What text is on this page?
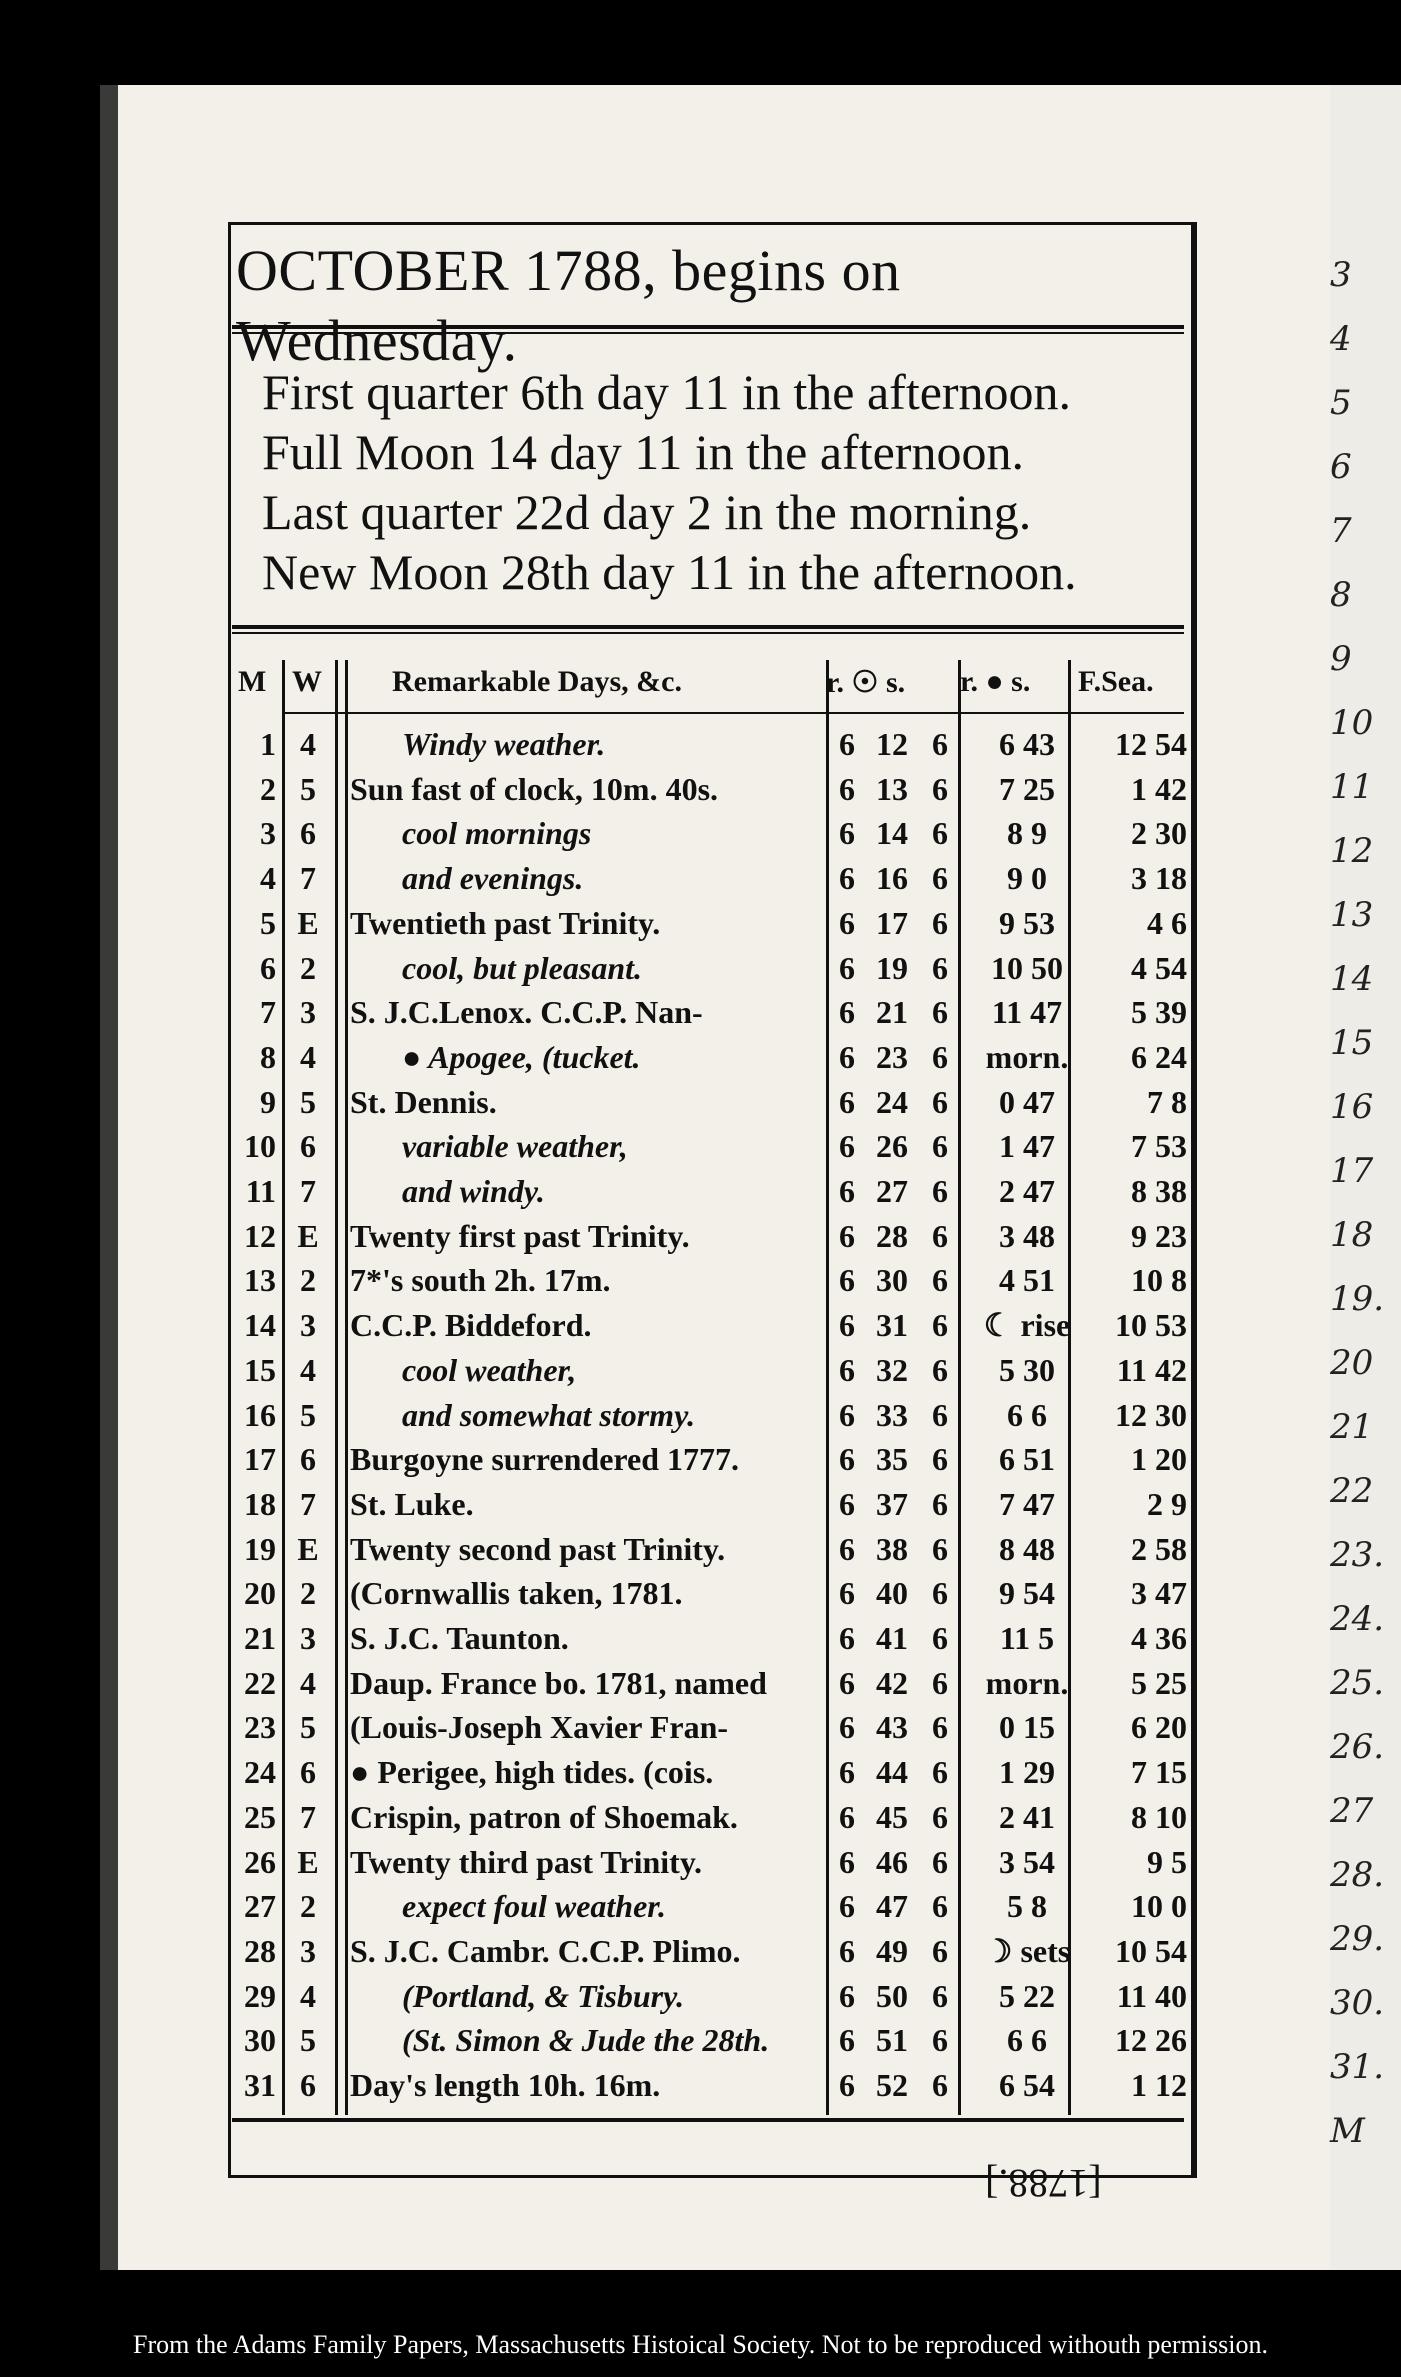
3
4
5
6
7
8
9
10
11
12
13
14
15
16
17
18
19.
20
21
22
23.
24.
25.
26.
27
28.
29.
30.
31.
M
OCTOBER 1788, begins on Wednesday.
First quarter 6th day 11 in the afternoon.
Full Moon 14 day 11 in the afternoon.
Last quarter 22d day 2 in the morning.
New Moon 28th day 11 in the afternoon.
M W Remarkable Days, &c.	r. ☉ s. r. ● s. F.Sea.
1 4	Windy weather.	6 12 6	6 43	12 54
2 5	Sun fast of clock, 10m. 40s.	6 13 6	7 25	1 42
3 6	cool mornings	6 14 6	8 9	2 30
4 7	and evenings.	6 16 6	9 0	3 18
5 E Twentieth past Trinity.	6 17 6	9 53	4 6
6 2	cool, but pleasant.	6 19 6	10 50	4 54
7 3	S. J.C.Lenox. C.C.P. Nan-	6 21 6	11 47	5 39
8 4	● Apogee, (tucket.	6 23 6	morn.	6 24
9 5	St. Dennis.	6 24 6	0 47	7 8
10 6	variable weather,	6 26 6	1 47	7 53
11 7	and windy.	6 27 6	2 47	8 38
12 E Twenty first past Trinity.	6 28 6	3 48	9 23
13 2	7*'s south 2h. 17m.	6 30 6	4 51	10 8
14 3	C.C.P. Biddeford.	6 31 6	☾ rise	10 53
15 4	cool weather,	6 32 6	5 30	11 42
16 5	and somewhat stormy.	6 33 6	6 6	12 30
17 6	Burgoyne surrendered 1777.	6 35 6	6 51	1 20
18 7	St. Luke.	6 37 6	7 47	2 9
19 E Twenty second past Trinity.	6 38 6	8 48	2 58
20 2	(Cornwallis taken, 1781.	6 40 6	9 54	3 47
21 3	S. J.C. Taunton.	6 41 6	11 5	4 36
22 4	Daup. France bo. 1781, named	6 42 6	morn.	5 25
23 5	(Louis-Joseph Xavier Fran-	6 43 6	0 15	6 20
24 6	● Perigee, high tides. (cois.	6 44 6	1 29	7 15
25 7	Crispin, patron of Shoemak.	6 45 6	2 41	8 10
26 E Twenty third past Trinity.	6 46 6	3 54	9 5
27 2	expect foul weather.	6 47 6	5 8	10 0
28 3	S. J.C. Cambr. C.C.P. Plimo.	6 49 6	☽ sets	10 54
29 4	(Portland, & Tisbury.	6 50 6	5 22	11 40
30 5	(St. Simon & Jude the 28th.	6 51 6	6 6	12 26
31 6	Day's length 10h. 16m.	6 52 6	6 54	1 12
[1788.]
From the Adams Family Papers, Massachusetts Histoical Society. Not to be reproduced withouth permission.
